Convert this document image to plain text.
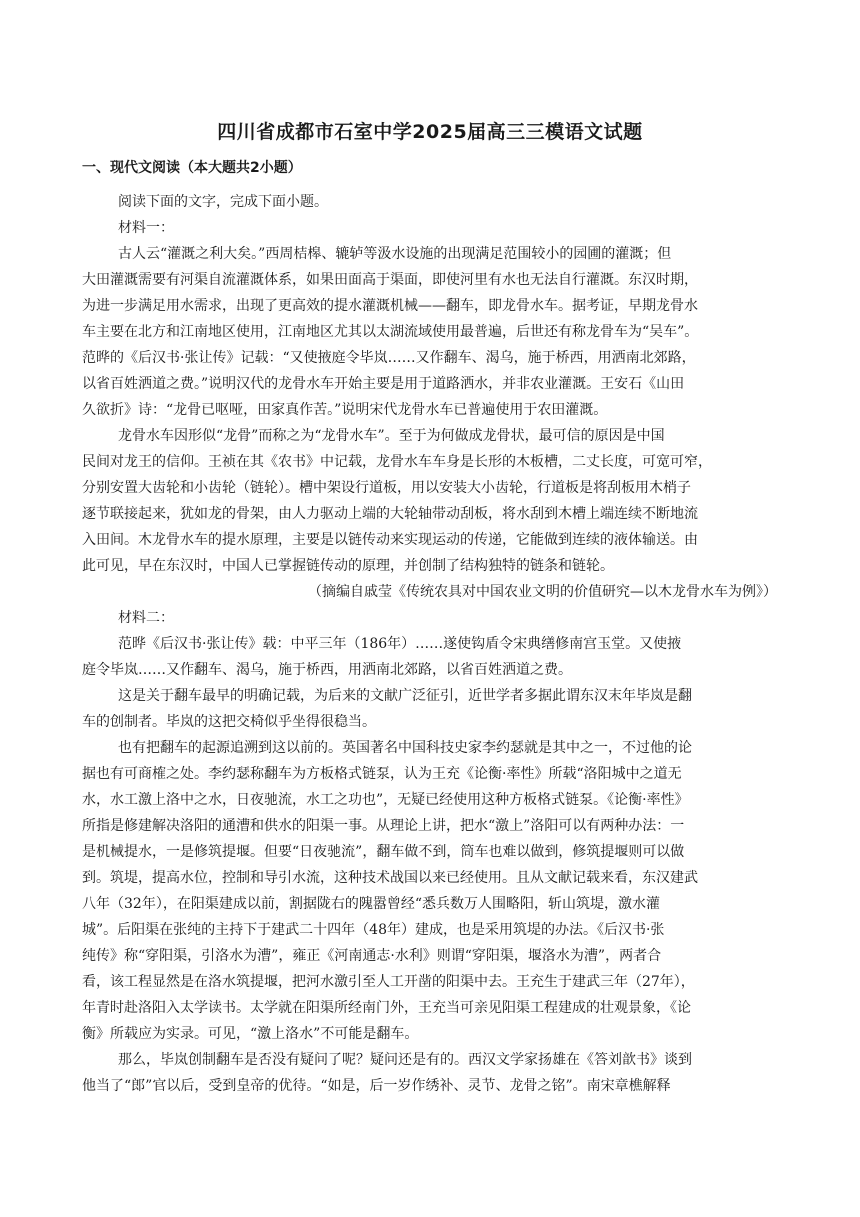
四川省成都市石室中学2025届高三三模语文试题
一、现代文阅读（本大题共2小题）
阅读下面的文字，完成下面小题。
材料一：
古人云“灌溉之利大矣。”西周桔槔、辘轳等汲水设施的出现满足范围较小的园圃的灌溉；但
大田灌溉需要有河渠自流灌溉体系，如果田面高于渠面，即使河里有水也无法自行灌溉。东汉时期，
为进一步满足用水需求，出现了更高效的提水灌溉机械——翻车，即龙骨水车。据考证，早期龙骨水
车主要在北方和江南地区使用，江南地区尤其以太湖流域使用最普遍，后世还有称龙骨车为“吴车”。
范晔的《后汉书·张让传》记载：“又使掖庭令毕岚……又作翻车、渴乌，施于桥西，用洒南北郊路，
以省百姓洒道之费。”说明汉代的龙骨水车开始主要是用于道路洒水，并非农业灌溉。王安石《山田
久欲折》诗：“龙骨已呕哑，田家真作苦。”说明宋代龙骨水车已普遍使用于农田灌溉。
龙骨水车因形似“龙骨”而称之为“龙骨水车”。至于为何做成龙骨状，最可信的原因是中国
民间对龙王的信仰。王祯在其《农书》中记载，龙骨水车车身是长形的木板槽，二丈长度，可宽可窄，
分别安置大齿轮和小齿轮（链轮）。槽中架设行道板，用以安装大小齿轮，行道板是将刮板用木梢子
逐节联接起来，犹如龙的骨架，由人力驱动上端的大轮轴带动刮板，将水刮到木槽上端连续不断地流
入田间。木龙骨水车的提水原理，主要是以链传动来实现运动的传递，它能做到连续的液体输送。由
此可见，早在东汉时，中国人已掌握链传动的原理，并创制了结构独特的链条和链轮。
（摘编自戚莹《传统农具对中国农业文明的价值研究—以木龙骨水车为例》）
材料二：
范晔《后汉书·张让传》载：中平三年（186年）……遂使钩盾令宋典缮修南宫玉堂。又使掖
庭令毕岚……又作翻车、渴乌，施于桥西，用洒南北郊路，以省百姓洒道之费。
这是关于翻车最早的明确记载，为后来的文献广泛征引，近世学者多据此谓东汉末年毕岚是翻
车的创制者。毕岚的这把交椅似乎坐得很稳当。
也有把翻车的起源追溯到这以前的。英国著名中国科技史家李约瑟就是其中之一，不过他的论
据也有可商榷之处。李约瑟称翻车为方板格式链泵，认为王充《论衡·率性》所载“洛阳城中之道无
水，水工激上洛中之水，日夜驰流，水工之功也”，无疑已经使用这种方板格式链泵。《论衡·率性》
所指是修建解决洛阳的通漕和供水的阳渠一事。从理论上讲，把水“激上”洛阳可以有两种办法：一
是机械提水，一是修筑提堰。但要“日夜驰流”，翻车做不到，筒车也难以做到，修筑提堰则可以做
到。筑堤，提高水位，控制和导引水流，这种技术战国以来已经使用。且从文献记载来看，东汉建武
八年（32年），在阳渠建成以前，割据陇右的隗嚣曾经“悉兵数万人围略阳，斩山筑堤，激水灌
城”。后阳渠在张纯的主持下于建武二十四年（48年）建成，也是采用筑堤的办法。《后汉书·张
纯传》称“穿阳渠，引洛水为漕”，雍正《河南通志·水利》则谓“穿阳渠，堰洛水为漕”，两者合
看，该工程显然是在洛水筑提堰，把河水激引至人工开凿的阳渠中去。王充生于建武三年（27年），
年青时赴洛阳入太学读书。太学就在阳渠所经南门外，王充当可亲见阳渠工程建成的壮观景象，《论
衡》所载应为实录。可见，“激上洛水”不可能是翻车。
那么，毕岚创制翻车是否没有疑问了呢？疑问还是有的。西汉文学家扬雄在《答刘歆书》谈到
他当了“郎”官以后，受到皇帝的优待。“如是，后一岁作绣补、灵节、龙骨之铭”。南宋章樵解释
